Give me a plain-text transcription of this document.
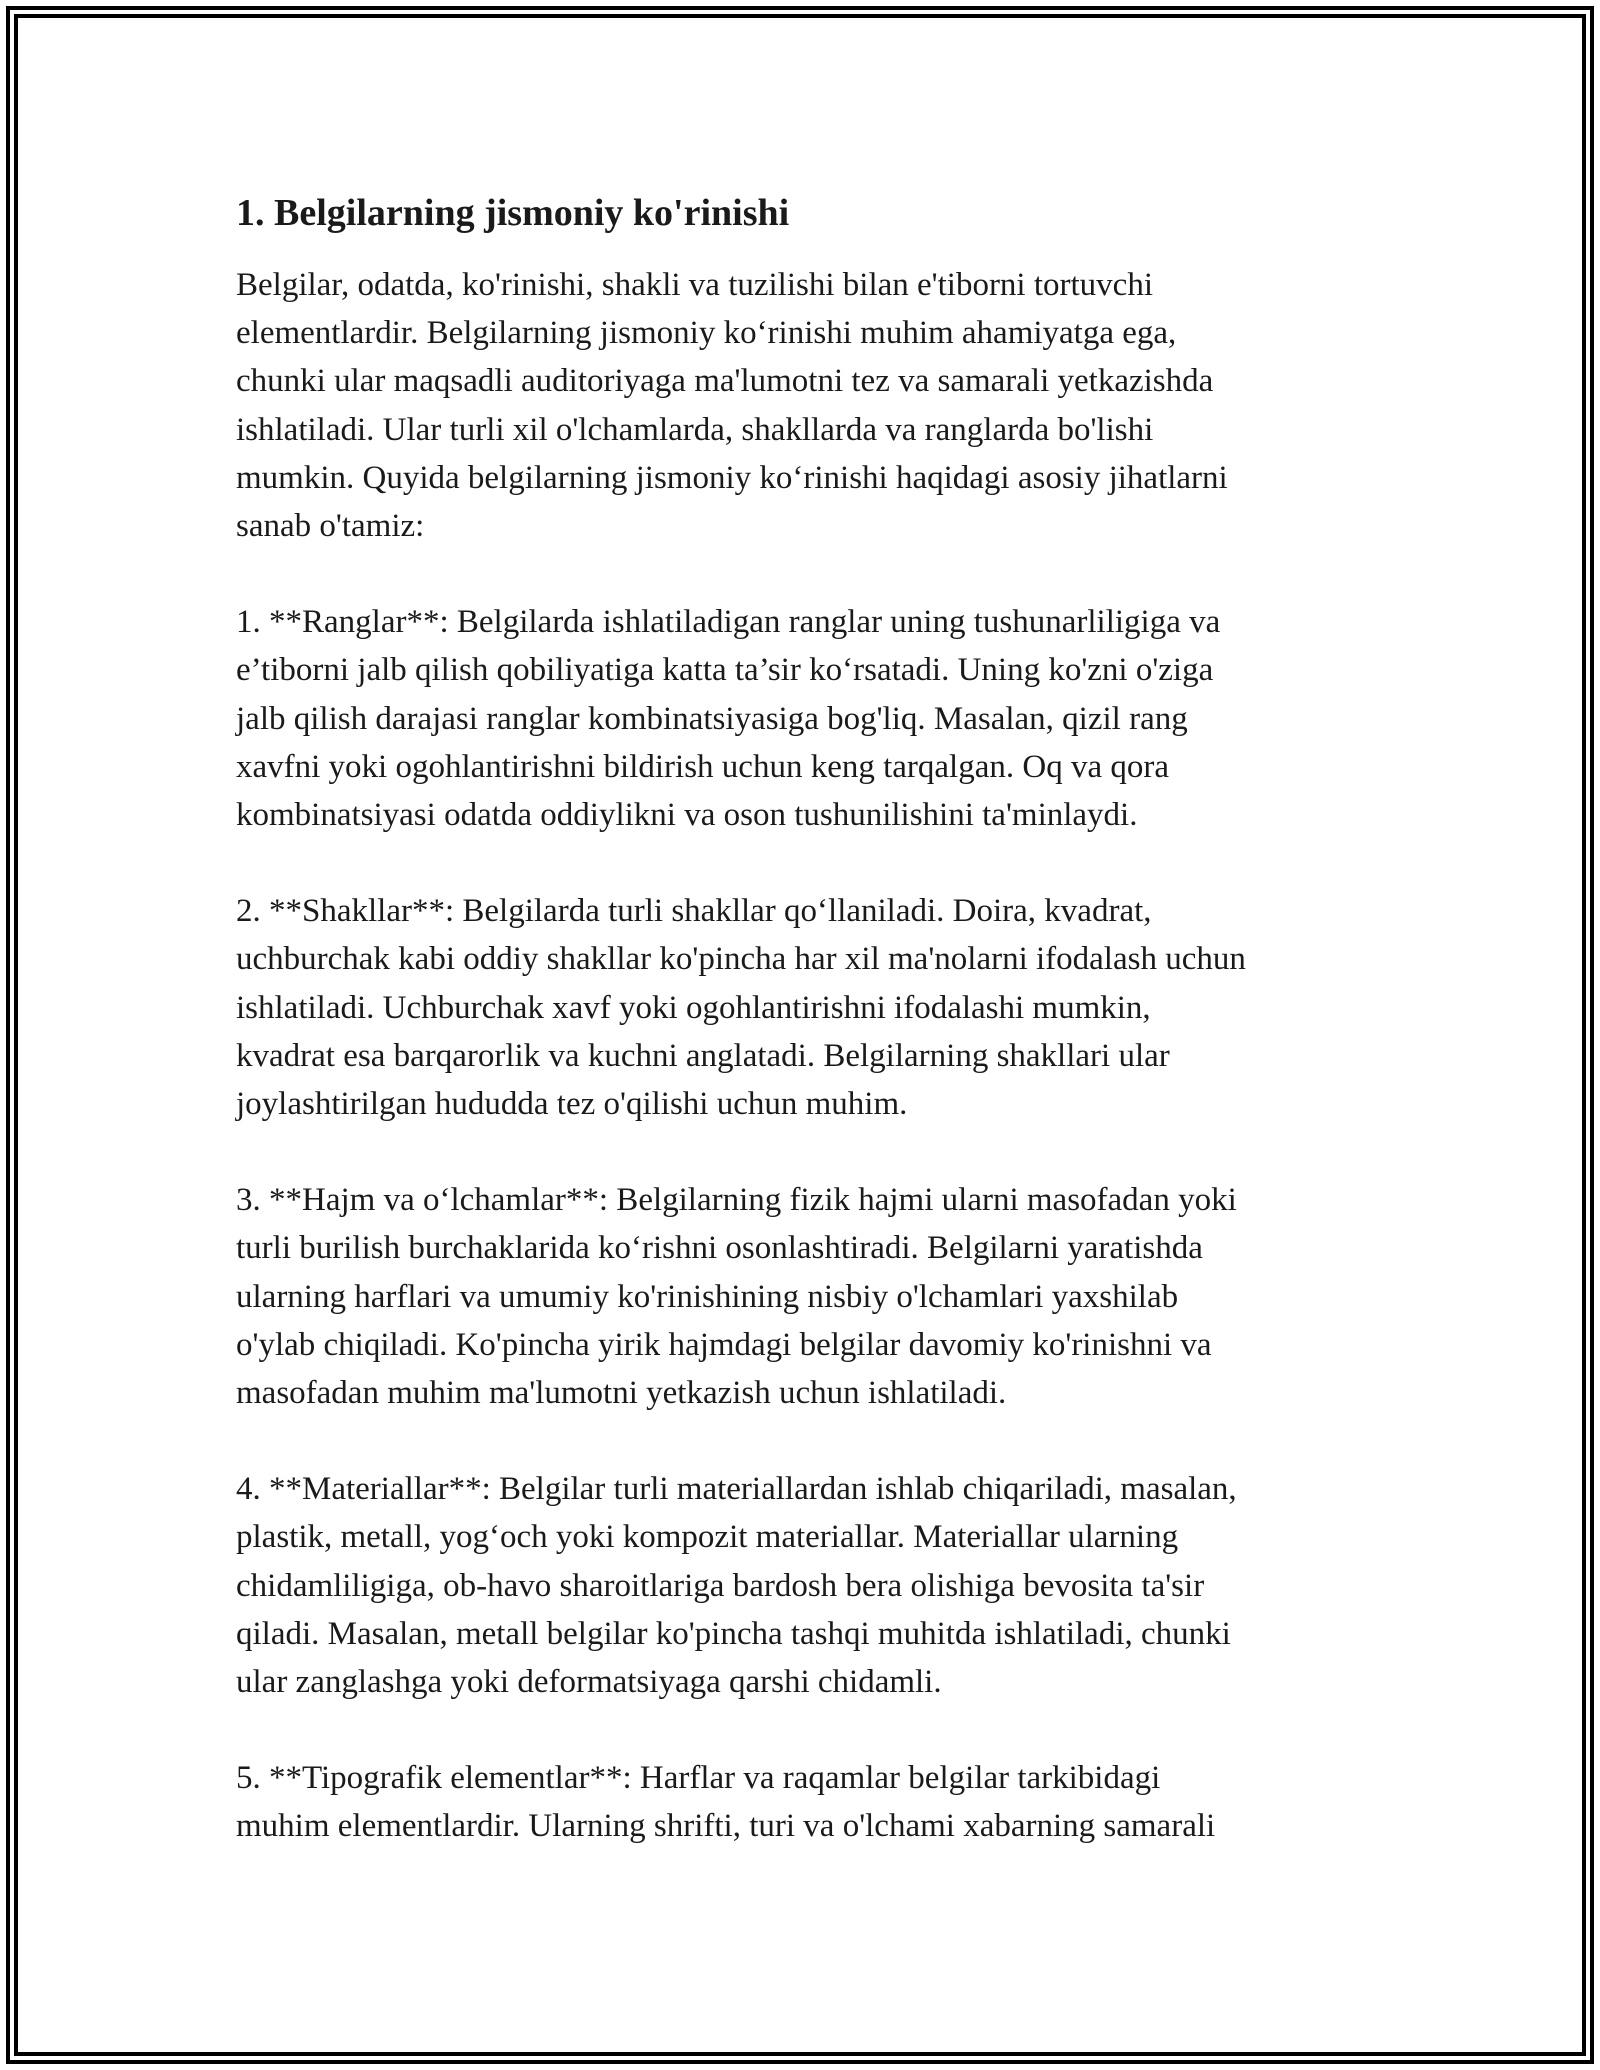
1. Belgilarning jismoniy ko'rinishi

Belgilar, odatda, ko'rinishi, shakli va tuzilishi bilan e'tiborni tortuvchi
elementlardir. Belgilarning jismoniy ko‘rinishi muhim ahamiyatga ega,
chunki ular maqsadli auditoriyaga ma'lumotni tez va samarali yetkazishda
ishlatiladi. Ular turli xil o'lchamlarda, shakllarda va ranglarda bo'lishi
mumkin. Quyida belgilarning jismoniy ko‘rinishi haqidagi asosiy jihatlarni
sanab o'tamiz:

1. **Ranglar**: Belgilarda ishlatiladigan ranglar uning tushunarliligiga va
e’tiborni jalb qilish qobiliyatiga katta ta’sir ko‘rsatadi. Uning ko'zni o'ziga
jalb qilish darajasi ranglar kombinatsiyasiga bog'liq. Masalan, qizil rang
xavfni yoki ogohlantirishni bildirish uchun keng tarqalgan. Oq va qora
kombinatsiyasi odatda oddiylikni va oson tushunilishini ta'minlaydi.

2. **Shakllar**: Belgilarda turli shakllar qo‘llaniladi. Doira, kvadrat,
uchburchak kabi oddiy shakllar ko'pincha har xil ma'nolarni ifodalash uchun
ishlatiladi. Uchburchak xavf yoki ogohlantirishni ifodalashi mumkin,
kvadrat esa barqarorlik va kuchni anglatadi. Belgilarning shakllari ular
joylashtirilgan hududda tez o'qilishi uchun muhim.

3. **Hajm va o‘lchamlar**: Belgilarning fizik hajmi ularni masofadan yoki
turli burilish burchaklarida ko‘rishni osonlashtiradi. Belgilarni yaratishda
ularning harflari va umumiy ko'rinishining nisbiy o'lchamlari yaxshilab
o'ylab chiqiladi. Ko'pincha yirik hajmdagi belgilar davomiy ko'rinishni va
masofadan muhim ma'lumotni yetkazish uchun ishlatiladi.

4. **Materiallar**: Belgilar turli materiallardan ishlab chiqariladi, masalan,
plastik, metall, yog‘och yoki kompozit materiallar. Materiallar ularning
chidamliligiga, ob-havo sharoitlariga bardosh bera olishiga bevosita ta'sir
qiladi. Masalan, metall belgilar ko'pincha tashqi muhitda ishlatiladi, chunki
ular zanglashga yoki deformatsiyaga qarshi chidamli.

5. **Tipografik elementlar**: Harflar va raqamlar belgilar tarkibidagi
muhim elementlardir. Ularning shrifti, turi va o'lchami xabarning samarali
